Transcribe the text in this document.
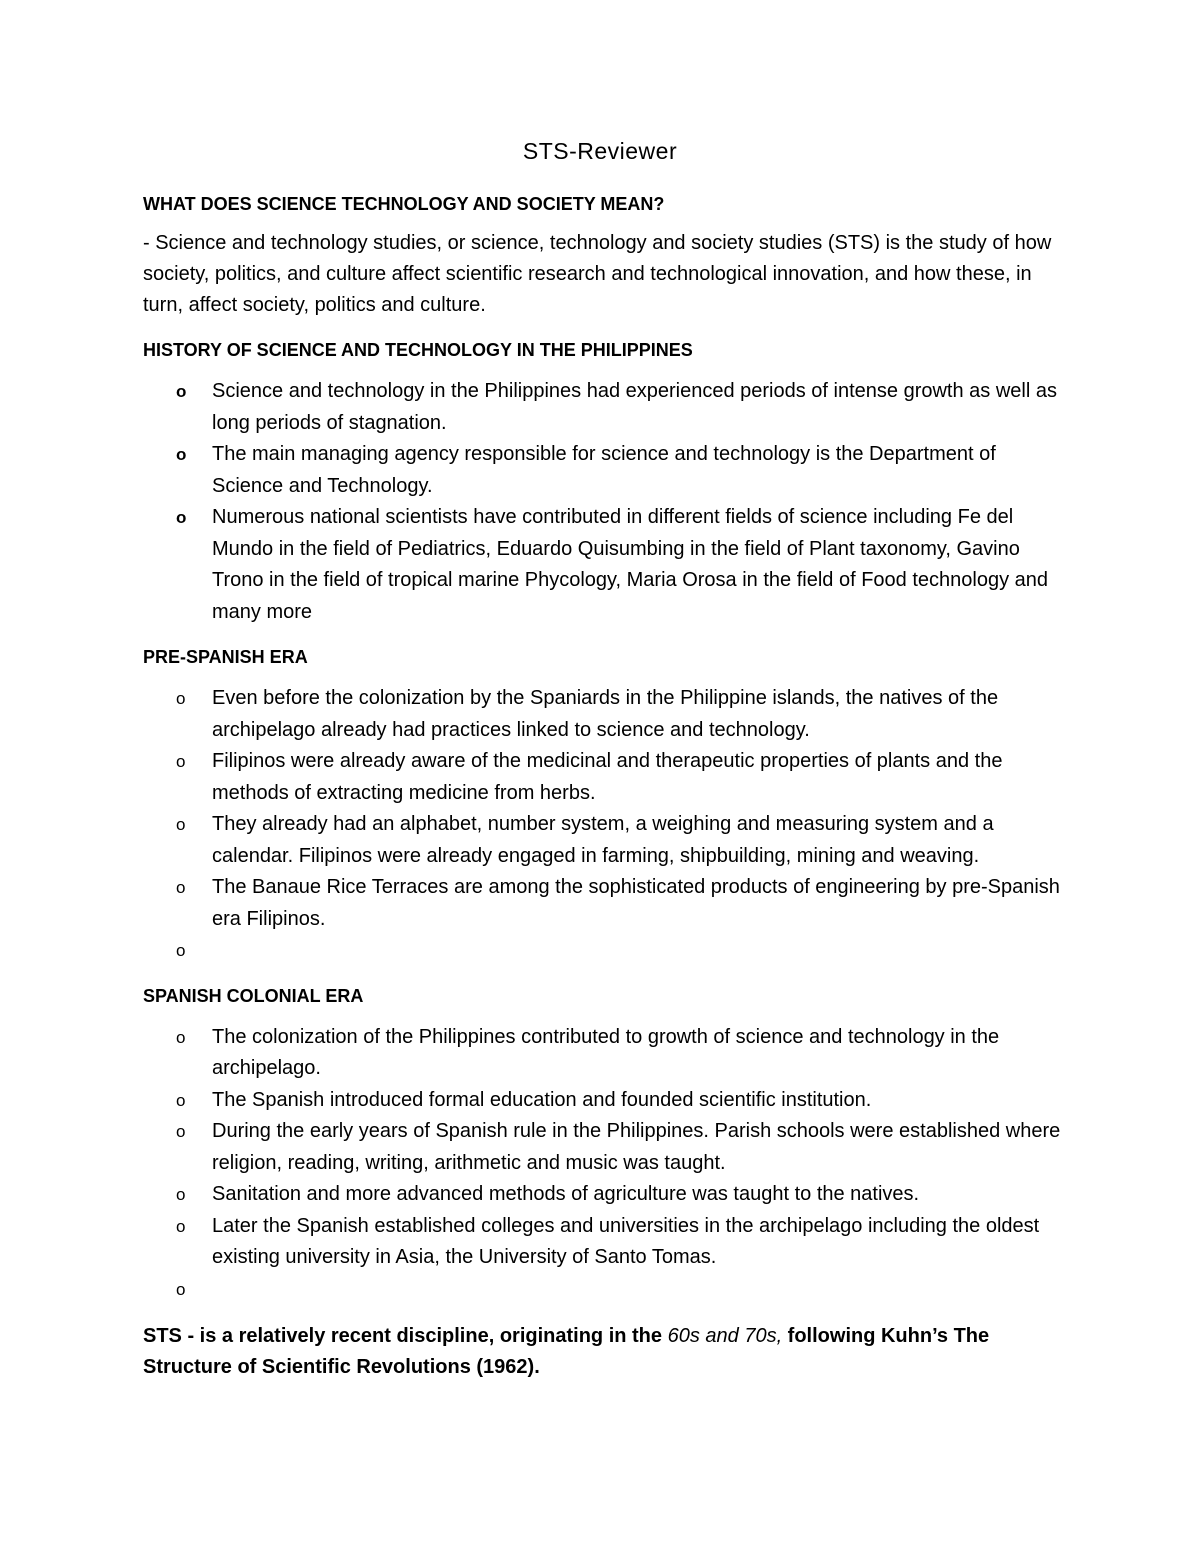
STS-Reviewer

WHAT DOES SCIENCE TECHNOLOGY AND SOCIETY MEAN?

- Science and technology studies, or science, technology and society studies (STS) is the study of how society, politics, and culture affect scientific research and technological innovation, and how these, in turn, affect society, politics and culture.

HISTORY OF SCIENCE AND TECHNOLOGY IN THE PHILIPPINES

o Science and technology in the Philippines had experienced periods of intense growth as well as long periods of stagnation.
o The main managing agency responsible for science and technology is the Department of Science and Technology.
o Numerous national scientists have contributed in different fields of science including Fe del Mundo in the field of Pediatrics, Eduardo Quisumbing in the field of Plant taxonomy, Gavino Trono in the field of tropical marine Phycology, Maria Orosa in the field of Food technology and many more

PRE-SPANISH ERA

o Even before the colonization by the Spaniards in the Philippine islands, the natives of the archipelago already had practices linked to science and technology.
o Filipinos were already aware of the medicinal and therapeutic properties of plants and the methods of extracting medicine from herbs.
o They already had an alphabet, number system, a weighing and measuring system and a calendar. Filipinos were already engaged in farming, shipbuilding, mining and weaving.
o The Banaue Rice Terraces are among the sophisticated products of engineering by pre-Spanish era Filipinos.
o

SPANISH COLONIAL ERA

o The colonization of the Philippines contributed to growth of science and technology in the archipelago.
o The Spanish introduced formal education and founded scientific institution.
o During the early years of Spanish rule in the Philippines. Parish schools were established where religion, reading, writing, arithmetic and music was taught.
o Sanitation and more advanced methods of agriculture was taught to the natives.
o Later the Spanish established colleges and universities in the archipelago including the oldest existing university in Asia, the University of Santo Tomas.
o

STS - is a relatively recent discipline, originating in the 60s and 70s, following Kuhn’s The Structure of Scientific Revolutions (1962).
